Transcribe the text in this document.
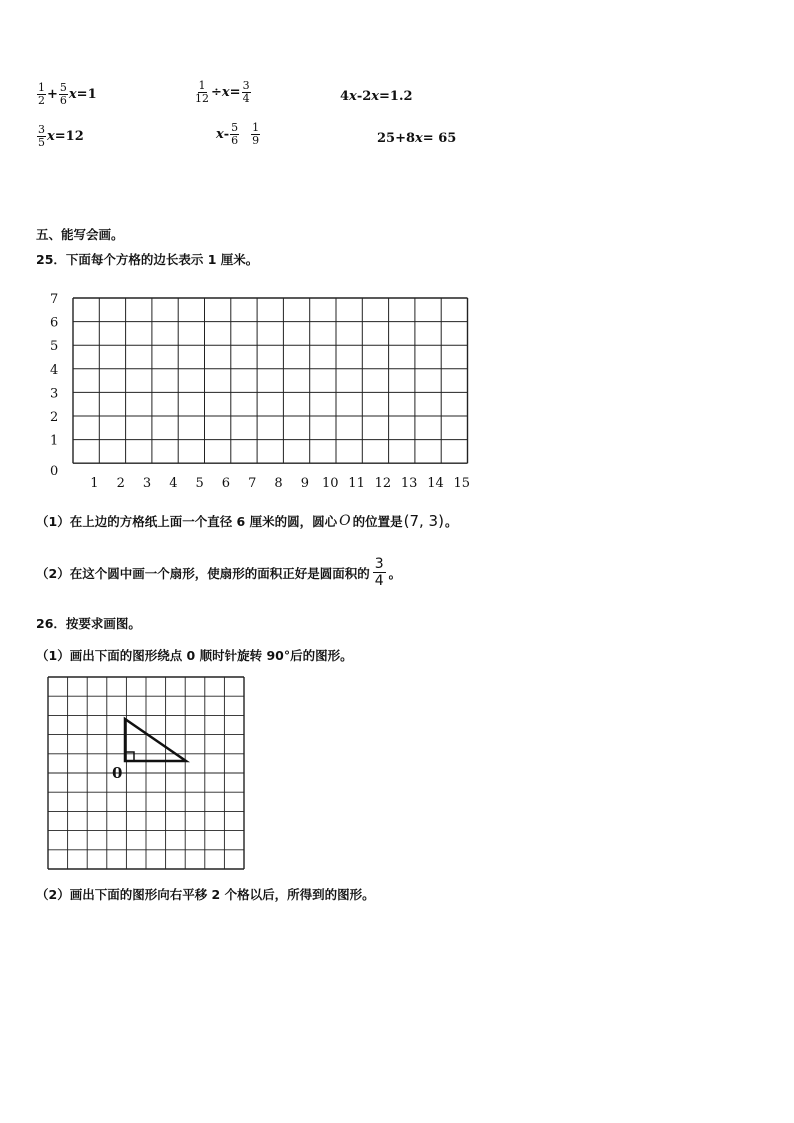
$\frac{1}{2} + \frac{5}{6}$ x =1	$\frac{1}{12} \div x = \frac{3}{4}$	4 x -2 x =1.2
$\frac{3}{5}$ x =12	x - $\frac{5}{6} \frac{1}{9}$	25+8 x = 65
五、能写会画。
25．下面每个方格的边长表示 1 厘米。
0
1
2
3
4
5
6
7
1 2 3 4 5 6 7 8 9 10 11 12 13 14 15
（1）在上边的方格纸上面一个直径 6 厘米的圆，圆心 O 的位置是 (7, 3) 。
（2）在这个圆中画一个扇形，使扇形的面积正好是圆面积的 $\frac{3}{4}$ 。
26．按要求画图。
（1）画出下面的图形绕点 0 顺时针旋转 90°后的图形。
0
（2）画出下面的图形向右平移 2 个格以后，所得到的图形。
